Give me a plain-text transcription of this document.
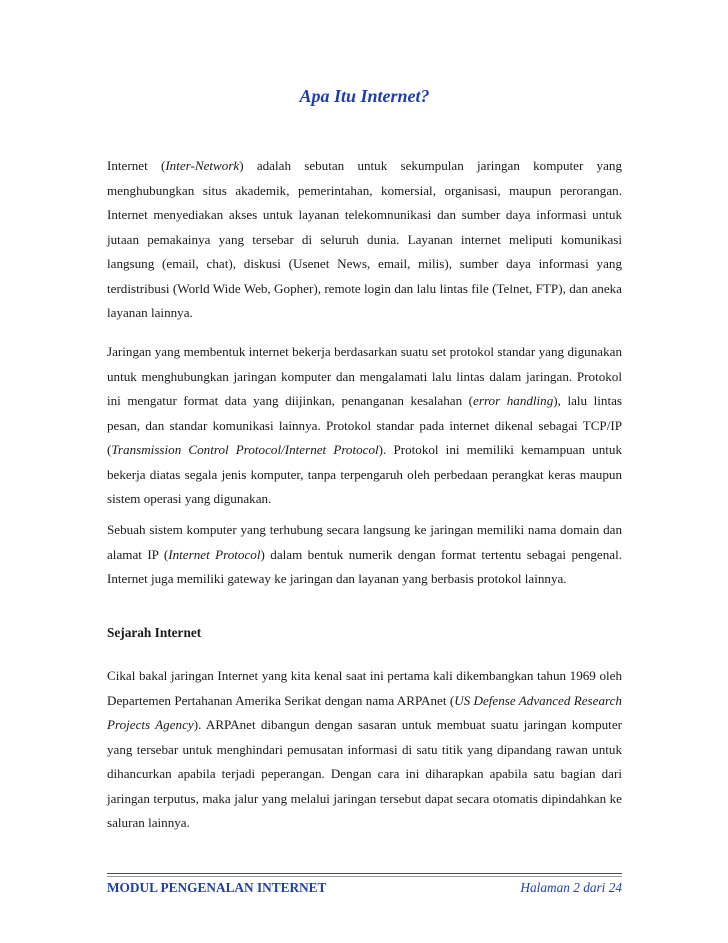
Apa Itu Internet?

Internet (Inter-Network) adalah sebutan untuk sekumpulan jaringan komputer yang menghubungkan situs akademik, pemerintahan, komersial, organisasi, maupun perorangan. Internet menyediakan akses untuk layanan telekomnunikasi dan sumber daya informasi untuk jutaan pemakainya yang tersebar di seluruh dunia. Layanan internet meliputi komunikasi langsung (email, chat), diskusi (Usenet News, email, milis), sumber daya informasi yang terdistribusi (World Wide Web, Gopher), remote login dan lalu lintas file (Telnet, FTP), dan aneka layanan lainnya.

Jaringan yang membentuk internet bekerja berdasarkan suatu set protokol standar yang digunakan untuk menghubungkan jaringan komputer dan mengalamati lalu lintas dalam jaringan. Protokol ini mengatur format data yang diijinkan, penanganan kesalahan (error handling), lalu lintas pesan, dan standar komunikasi lainnya. Protokol standar pada internet dikenal sebagai TCP/IP (Transmission Control Protocol/Internet Protocol). Protokol ini memiliki kemampuan untuk bekerja diatas segala jenis komputer, tanpa terpengaruh oleh perbedaan perangkat keras maupun sistem operasi yang digunakan.

Sebuah sistem komputer yang terhubung secara langsung ke jaringan memiliki nama domain dan alamat IP (Internet Protocol) dalam bentuk numerik dengan format tertentu sebagai pengenal. Internet juga memiliki gateway ke jaringan dan layanan yang berbasis protokol lainnya.

Sejarah Internet

Cikal bakal jaringan Internet yang kita kenal saat ini pertama kali dikembangkan tahun 1969 oleh Departemen Pertahanan Amerika Serikat dengan nama ARPAnet (US Defense Advanced Research Projects Agency). ARPAnet dibangun dengan sasaran untuk membuat suatu jaringan komputer yang tersebar untuk menghindari pemusatan informasi di satu titik yang dipandang rawan untuk dihancurkan apabila terjadi peperangan. Dengan cara ini diharapkan apabila satu bagian dari jaringan terputus, maka jalur yang melalui jaringan tersebut dapat secara otomatis dipindahkan ke saluran lainnya.

MODUL PENGENALAN INTERNET	Halaman 2 dari 24
